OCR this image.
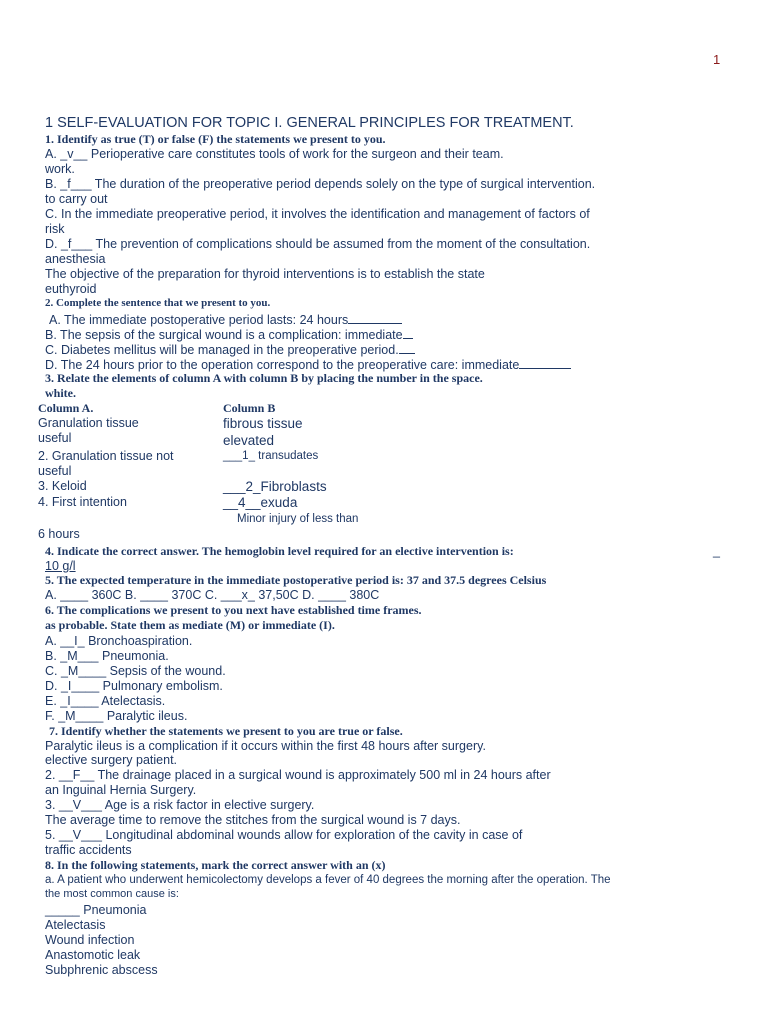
1
1 SELF-EVALUATION FOR TOPIC I. GENERAL PRINCIPLES FOR TREATMENT.
1. Identify as true (T) or false (F) the statements we present to you.
A. _v__ Perioperative care constitutes tools of work for the surgeon and their team.
work.
B. _f___ The duration of the preoperative period depends solely on the type of surgical intervention.
to carry out
C. In the immediate preoperative period, it involves the identification and management of factors of
risk
D. _f___ The prevention of complications should be assumed from the moment of the consultation.
anesthesia
The objective of the preparation for thyroid interventions is to establish the state
euthyroid
2. Complete the sentence that we present to you.
A. The immediate postoperative period lasts: 24 hours
B. The sepsis of the surgical wound is a complication: immediate
C. Diabetes mellitus will be managed in the preoperative period.
D. The 24 hours prior to the operation correspond to the preoperative care: immediate
3. Relate the elements of column A with column B by placing the number in the space.
white.
Column A.	Column B
Granulation tissue
useful
2. Granulation tissue not
useful
3. Keloid
4. First intention
6 hours
fibrous tissue
elevated
___1_ transudates
___2_Fibroblasts
__4__exuda
Minor injury of less than
4. Indicate the correct answer. The hemoglobin level required for an elective intervention is:	_
10 g/l
5. The expected temperature in the immediate postoperative period is: 37 and 37.5 degrees Celsius
A. ____ 360C B. ____ 370C C. ___x_ 37,50C D. ____ 380C
6. The complications we present to you next have established time frames.
as probable. State them as mediate (M) or immediate (I).
A. __I_ Bronchoaspiration.
B. _M___ Pneumonia.
C. _M____ Sepsis of the wound.
D. _I____ Pulmonary embolism.
E. _I____ Atelectasis.
F. _M____ Paralytic ileus.
7. Identify whether the statements we present to you are true or false.
Paralytic ileus is a complication if it occurs within the first 48 hours after surgery.
elective surgery patient.
2. __F__ The drainage placed in a surgical wound is approximately 500 ml in 24 hours after
an Inguinal Hernia Surgery.
3. __V___ Age is a risk factor in elective surgery.
The average time to remove the stitches from the surgical wound is 7 days.
5. __V___ Longitudinal abdominal wounds allow for exploration of the cavity in case of
traffic accidents
8. In the following statements, mark the correct answer with an (x)
a. A patient who underwent hemicolectomy develops a fever of 40 degrees the morning after the operation. The
the most common cause is:
_____ Pneumonia
Atelectasis
Wound infection
Anastomotic leak
Subphrenic abscess
